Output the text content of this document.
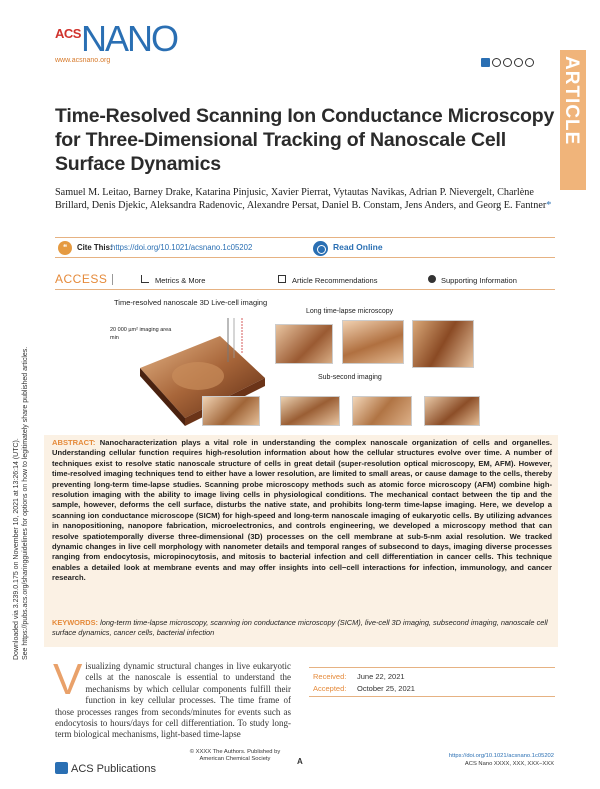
Downloaded via 3.239.0.175 on November 10, 2021 at 13:26:14 (UTC). See https://pubs.acs.org/sharingguidelines for options on how to legitimately share published articles.
ACS NANO
www.acsnano.org	ARTICLE
Time-Resolved Scanning Ion Conductance Microscopy for Three-Dimensional Tracking of Nanoscale Cell Surface Dynamics
Samuel M. Leitao, Barney Drake, Katarina Pinjusic, Xavier Pierrat, Vytautas Navikas, Adrian P. Nievergelt, Charlène Brillard, Denis Djekic, Aleksandra Radenovic, Alexandre Persat, Daniel B. Constam, Jens Anders, and Georg E. Fantner*
❝	Cite This:
https://doi.org/10.1021/acsnano.1c05202	Read Online
ACCESS	Metrics & More	Article Recommendations	Supporting Information
Time-resolved nanoscale 3D Live-cell imaging
20 000 µm² imaging area
min
Long time-lapse microscopy
Sub-second imaging
ABSTRACT: Nanocharacterization plays a vital role in understanding the complex nanoscale organization of cells and organelles. Understanding cellular function requires high-resolution information about how the cellular structures evolve over time. A number of techniques exist to resolve static nanoscale structure of cells in great detail (super-resolution optical microscopy, EM, AFM). However, time-resolved imaging techniques tend to either have a lower resolution, are limited to small areas, or cause damage to the cells, thereby preventing long-term time-lapse studies. Scanning probe microscopy methods such as atomic force microscopy (AFM) combine high-resolution imaging with the ability to image living cells in physiological conditions. The mechanical contact between the tip and the sample, however, deforms the cell surface, disturbs the native state, and prohibits long-term time-lapse imaging. Here, we develop a scanning ion conductance microscope (SICM) for high-speed and long-term nanoscale imaging of eukaryotic cells. By utilizing advances in nanopositioning, nanopore fabrication, microelectronics, and controls engineering, we developed a microscopy method that can resolve spatiotemporally diverse three-dimensional (3D) processes on the cell membrane at sub-5-nm axial resolution. We tracked dynamic changes in live cell morphology with nanometer details and temporal ranges of subsecond to days, imaging diverse processes ranging from endocytosis, micropinocytosis, and mitosis to bacterial infection and cell differentiation in cancer cells. This technique enables a detailed look at membrane events and may offer insights into cell−cell interactions for infection, immunology, and cancer research.
KEYWORDS: long-term time-lapse microscopy, scanning ion conductance microscopy (SICM), live-cell 3D imaging, subsecond imaging, nanoscale cell surface dynamics, cancer cells, bacterial infection
Visualizing dynamic structural changes in live eukaryotic cells at the nanoscale is essential to understand the mechanisms by which cellular components fulfill their function in key cellular processes. The time frame of those processes ranges from seconds/minutes for events such as endocytosis to hours/days for cell differentiation. To study long-term biological mechanisms, light-based time-lapse
Received: June 22, 2021
Accepted: October 25, 2021
ACS Publications
© XXXX The Authors. Published by American Chemical Society	A
https://doi.org/10.1021/acsnano.1c05202
ACS Nano XXXX, XXX, XXX−XXX
